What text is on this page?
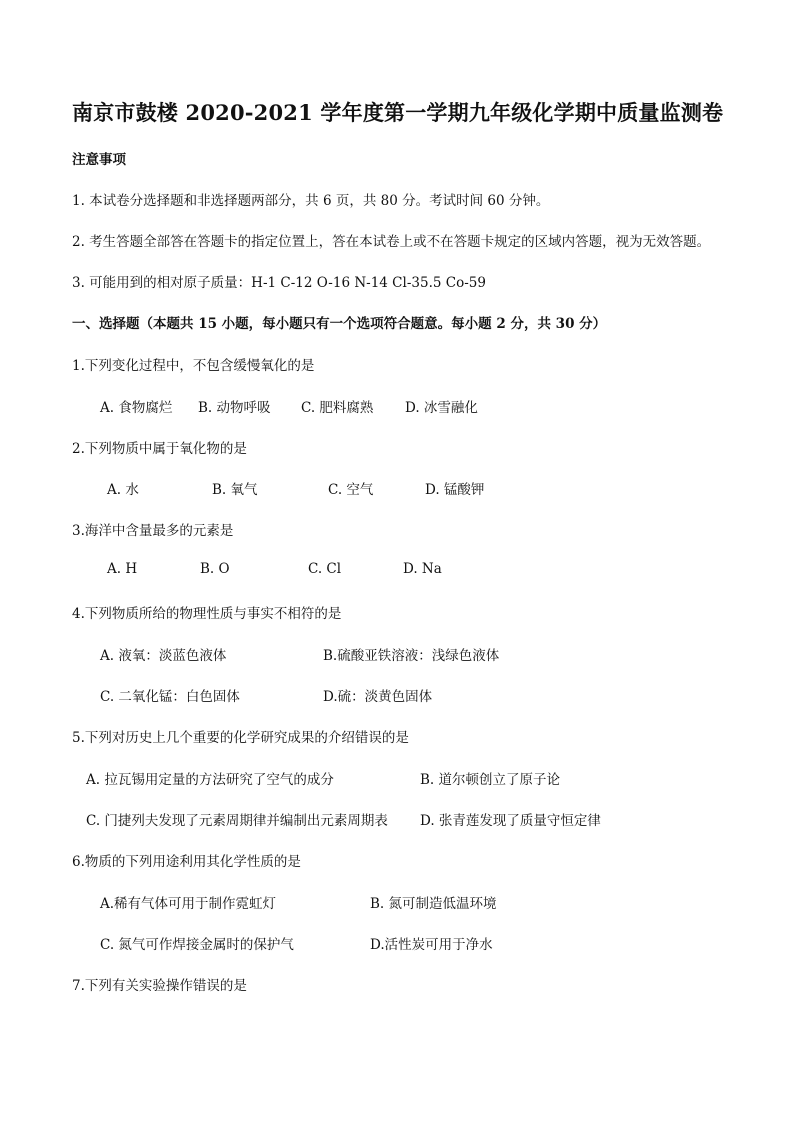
南京市鼓楼 2020-2021 学年度第一学期九年级化学期中质量监测卷
注意事项
1. 本试卷分选择题和非选择题两部分，共 6 页，共 80 分。考试时间 60 分钟。
2. 考生答题全部答在答题卡的指定位置上，答在本试卷上或不在答题卡规定的区域内答题，视为无效答题。
3. 可能用到的相对原子质量：H-1 C-12 O-16 N-14 Cl-35.5 Co-59
一、选择题（本题共 15 小题，每小题只有一个选项符合题意。每小题 2 分，共 30 分）
1.下列变化过程中，不包含缓慢氧化的是
A. 食物腐烂 B. 动物呼吸 C. 肥料腐熟 D. 冰雪融化
2.下列物质中属于氧化物的是
A. 水	B. 氧气	C. 空气	D. 锰酸钾
3.海洋中含量最多的元素是
A. H	B. O	C. Cl	D. Na
4.下列物质所给的物理性质与事实不相符的是
A. 液氧：淡蓝色液体	B.硫酸亚铁溶液：浅绿色液体
C. 二氧化锰：白色固体	D.硫：淡黄色固体
5.下列对历史上几个重要的化学研究成果的介绍错误的是
A. 拉瓦锡用定量的方法研究了空气的成分	B. 道尔顿创立了原子论
C. 门捷列夫发现了元素周期律并编制出元素周期表 D. 张青莲发现了质量守恒定律
6.物质的下列用途利用其化学性质的是
A.稀有气体可用于制作霓虹灯	B. 氮可制造低温环境
C. 氮气可作焊接金属时的保护气	D.活性炭可用于净水
7.下列有关实验操作错误的是
